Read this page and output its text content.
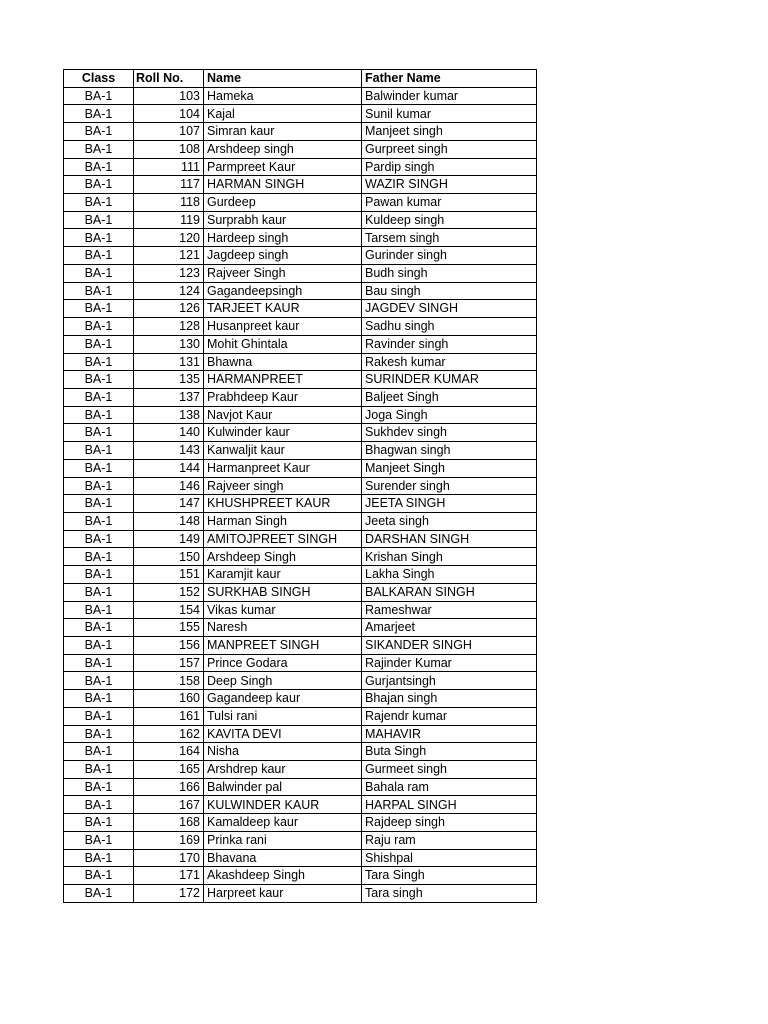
Class	Roll No.	Name	Father Name
BA-1	103	Hameka	Balwinder kumar
BA-1	104	Kajal	Sunil kumar
BA-1	107	Simran kaur	Manjeet singh
BA-1	108	Arshdeep singh	Gurpreet singh
BA-1	111	Parmpreet Kaur	Pardip singh
BA-1	117	HARMAN SINGH	WAZIR SINGH
BA-1	118	Gurdeep	Pawan kumar
BA-1	119	Surprabh kaur	Kuldeep singh
BA-1	120	Hardeep singh	Tarsem singh
BA-1	121	Jagdeep singh	Gurinder singh
BA-1	123	Rajveer Singh	Budh singh
BA-1	124	Gagandeepsingh	Bau singh
BA-1	126	TARJEET KAUR	JAGDEV SINGH
BA-1	128	Husanpreet kaur	Sadhu singh
BA-1	130	Mohit Ghintala	Ravinder singh
BA-1	131	Bhawna	Rakesh kumar
BA-1	135	HARMANPREET	SURINDER KUMAR
BA-1	137	Prabhdeep Kaur	Baljeet Singh
BA-1	138	Navjot Kaur	Joga Singh
BA-1	140	Kulwinder kaur	Sukhdev singh
BA-1	143	Kanwaljit kaur	Bhagwan singh
BA-1	144	Harmanpreet Kaur	Manjeet Singh
BA-1	146	Rajveer singh	Surender singh
BA-1	147	KHUSHPREET KAUR	JEETA SINGH
BA-1	148	Harman Singh	Jeeta singh
BA-1	149	AMITOJPREET SINGH	DARSHAN SINGH
BA-1	150	Arshdeep Singh	Krishan Singh
BA-1	151	Karamjit kaur	Lakha Singh
BA-1	152	SURKHAB SINGH	BALKARAN SINGH
BA-1	154	Vikas kumar	Rameshwar
BA-1	155	Naresh	Amarjeet
BA-1	156	MANPREET SINGH	SIKANDER SINGH
BA-1	157	Prince Godara	Rajinder Kumar
BA-1	158	Deep Singh	Gurjantsingh
BA-1	160	Gagandeep kaur	Bhajan singh
BA-1	161	Tulsi rani	Rajendr kumar
BA-1	162	KAVITA DEVI	MAHAVIR
BA-1	164	Nisha	Buta Singh
BA-1	165	Arshdrep kaur	Gurmeet singh
BA-1	166	Balwinder pal	Bahala ram
BA-1	167	KULWINDER KAUR	HARPAL SINGH
BA-1	168	Kamaldeep kaur	Rajdeep singh
BA-1	169	Prinka rani	Raju ram
BA-1	170	Bhavana	Shishpal
BA-1	171	Akashdeep Singh	Tara Singh
BA-1	172	Harpreet kaur	Tara singh
